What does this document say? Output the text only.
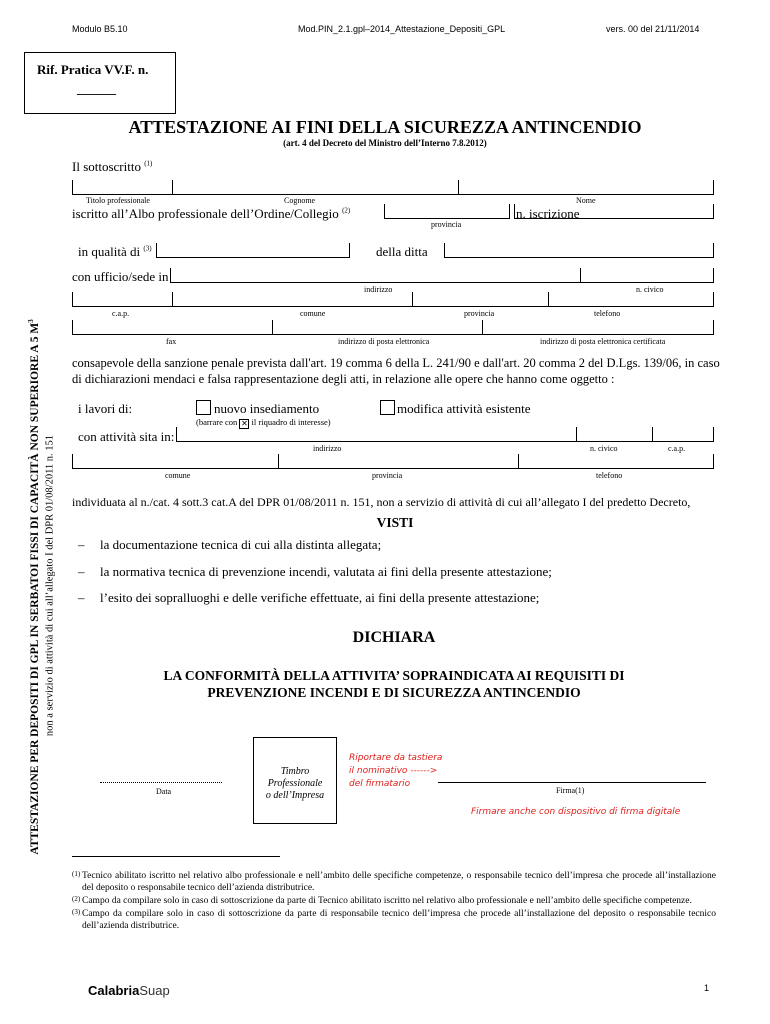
Modulo B5.10	Mod.PIN_2.1.gpl–2014_Attestazione_Depositi_GPL	vers. 00 del 21/11/2014
Rif. Pratica VV.F. n.
______
ATTESTAZIONE AI FINI DELLA SICUREZZA ANTINCENDIO
(art. 4 del Decreto del Ministro dell’Interno 7.8.2012)
ATTESTAZIONE PER DEPOSITI DI GPL IN SERBATOI FISSI DI CAPACITÀ NON SUPERIORE A 5 $M^3$
non a servizio di attività di cui all’allegato I del DPR 01/08/2011 n. 151
Il sottoscritto $^{(1)}$
Titolo professionale	Cognome	Nome
iscritto all’Albo professionale dell’Ordine/Collegio $^{(2)}$	n. iscrizione
provincia
in qualità di $^{(3)}$	della ditta
con ufficio/sede in
indirizzo	n. civico
c.a.p.	comune	provincia	telefono
fax	indirizzo di posta elettronica	indirizzo di posta elettronica certificata
consapevole della sanzione penale prevista dall'art. 19 comma 6 della L. 241/90 e dall'art. 20 comma 2 del D.Lgs. 139/06, in caso di dichiarazioni mendaci e falsa rappresentazione degli atti, in relazione alle opere che hanno come oggetto :
i lavori di:	nuovo insediamento	modifica attività esistente
(barrare con ✕ il riquadro di interesse)
con attività sita in:
indirizzo	n. civico	c.a.p.
comune	provincia	telefono
individuata al n./cat. 4 sott.3 cat.A del DPR 01/08/2011 n. 151, non a servizio di attività di cui all’allegato I del predetto Decreto,
VISTI
– la documentazione tecnica di cui alla distinta allegata;
– la normativa tecnica di prevenzione incendi, valutata ai fini della presente attestazione;
– l’esito dei sopralluoghi e delle verifiche effettuate, ai fini della presente attestazione;
DICHIARA
LA CONFORMITÀ DELLA ATTIVITA’ SOPRAINDICATA AI REQUISITI DI
PREVENZIONE INCENDI E DI SICUREZZA ANTINCENDIO
Data
Timbro
Professionale
o dell’Impresa
Riportare da tastiera
il nominativo ------>
del firmatario
Firma(1)
Firmare anche con dispositivo di firma digitale
(1) Tecnico abilitato iscritto nel relativo albo professionale e nell’ambito delle specifiche competenze, o responsabile tecnico dell’impresa che procede all’installazione del deposito o responsabile tecnico dell’azienda distributrice.
(2) Campo da compilare solo in caso di sottoscrizione da parte di Tecnico abilitato iscritto nel relativo albo professionale e nell’ambito delle specifiche competenze.
(3) Campo da compilare solo in caso di sottoscrizione da parte di responsabile tecnico dell’impresa che procede all’installazione del deposito o responsabile tecnico dell’azienda distributrice.
CalabriaSuap	1
